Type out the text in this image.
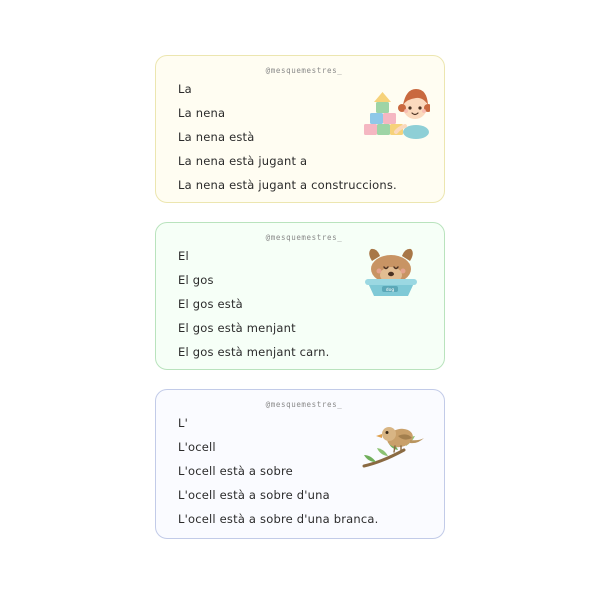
@mesquemestres_
La
La nena
La nena està
La nena està jugant a
La nena està jugant a construccions.
@mesquemestres_
dog
El
El gos
El gos està
El gos està menjant
El gos està menjant carn.
@mesquemestres_
L'
L'ocell
L'ocell està a sobre
L'ocell està a sobre d'una
L'ocell està a sobre d'una branca.
